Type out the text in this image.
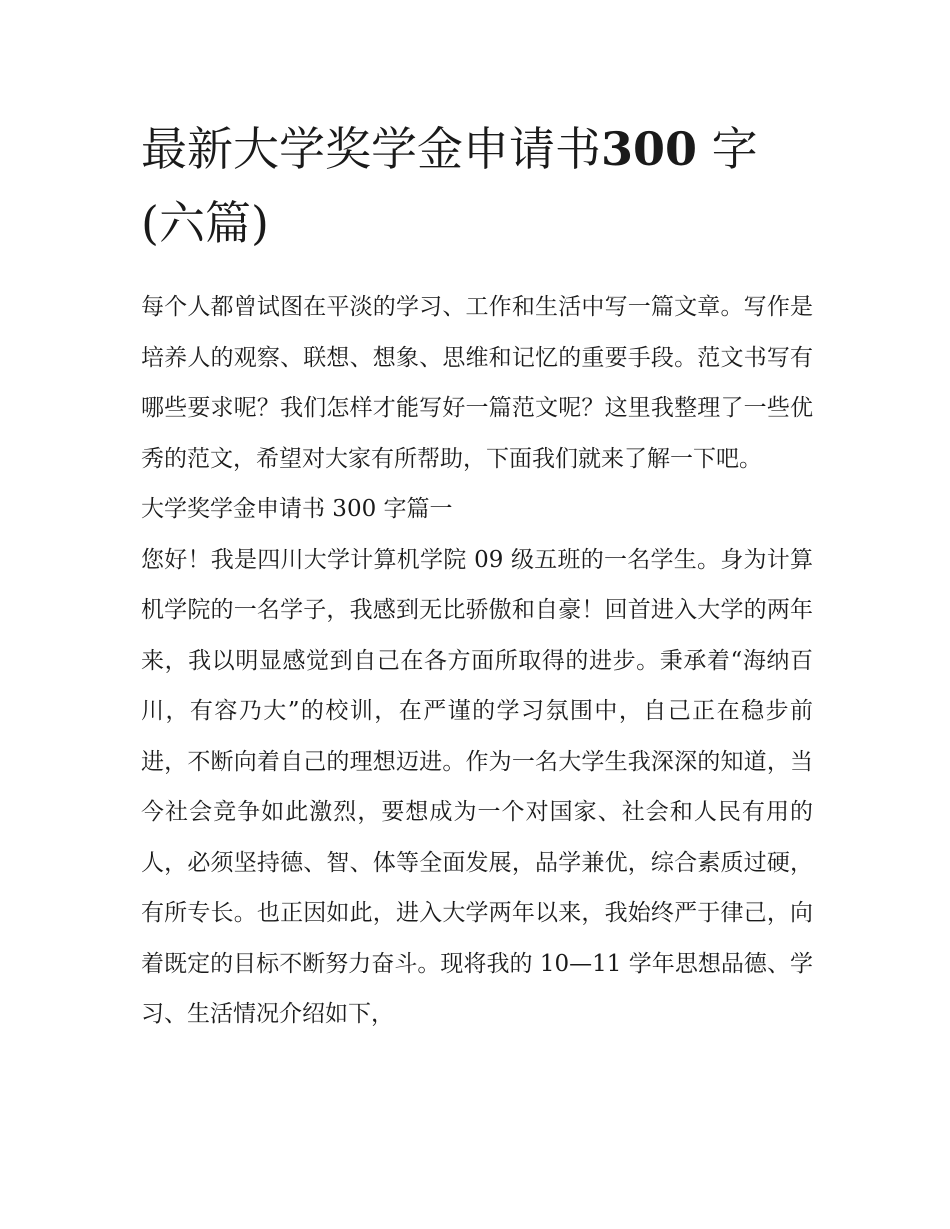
最新大学奖学金申请书300 字(六篇)

每个人都曾试图在平淡的学习、工作和生活中写一篇文章。写作是培养人的观察、联想、想象、思维和记忆的重要手段。范文书写有哪些要求呢？我们怎样才能写好一篇范文呢？这里我整理了一些优秀的范文，希望对大家有所帮助，下面我们就来了解一下吧。

大学奖学金申请书 300 字篇一

您好！我是四川大学计算机学院 09 级五班的一名学生。身为计算机学院的一名学子，我感到无比骄傲和自豪！回首进入大学的两年来，我以明显感觉到自己在各方面所取得的进步。秉承着“海纳百川，有容乃大”的校训，在严谨的学习氛围中，自己正在稳步前进，不断向着自己的理想迈进。作为一名大学生我深深的知道，当今社会竞争如此激烈，要想成为一个对国家、社会和人民有用的人，必须坚持德、智、体等全面发展，品学兼优，综合素质过硬，有所专长。也正因如此，进入大学两年以来，我始终严于律己，向着既定的目标不断努力奋斗。现将我的 10—11 学年思想品德、学习、生活情况介绍如下，
